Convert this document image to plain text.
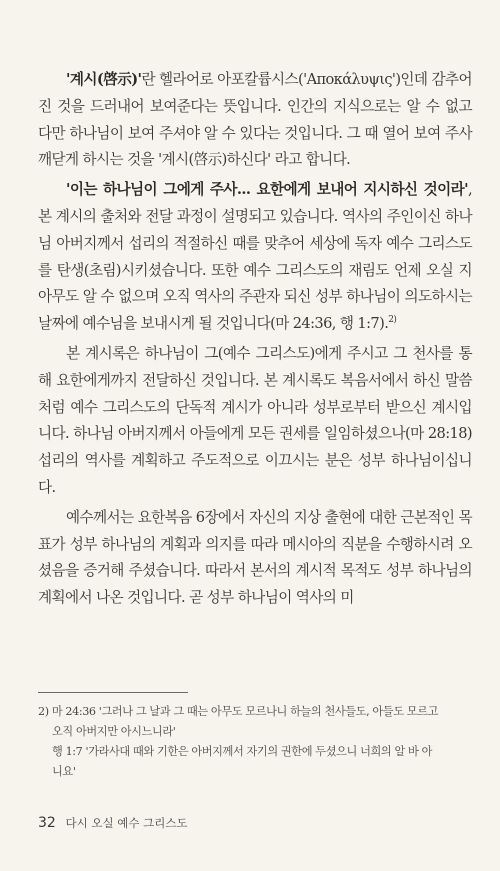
'계시(啓示)'란 헬라어로 아포칼륩시스('Αποκάλυψις')인데 감추어진 것을 드러내어 보여준다는 뜻입니다. 인간의 지식으로는 알 수 없고 다만 하나님이 보여 주셔야 알 수 있다는 것입니다. 그 때 열어 보여 주사 깨닫게 하시는 것을 '계시(啓示)하신다' 라고 합니다.

'이는 하나님이 그에게 주사... 요한에게 보내어 지시하신 것이라', 본 계시의 출처와 전달 과정이 설명되고 있습니다. 역사의 주인이신 하나님 아버지께서 섭리의 적절하신 때를 맞추어 세상에 독자 예수 그리스도를 탄생(초림)시키셨습니다. 또한 예수 그리스도의 재림도 언제 오실 지 아무도 알 수 없으며 오직 역사의 주관자 되신 성부 하나님이 의도하시는 날짜에 예수님을 보내시게 될 것입니다(마 24:36, 행 1:7).$^{2)}$

본 계시록은 하나님이 그(예수 그리스도)에게 주시고 그 천사를 통해 요한에게까지 전달하신 것입니다. 본 계시록도 복음서에서 하신 말씀처럼 예수 그리스도의 단독적 계시가 아니라 성부로부터 받으신 계시입니다. 하나님 아버지께서 아들에게 모든 권세를 일임하셨으나(마 28:18) 섭리의 역사를 계획하고 주도적으로 이끄시는 분은 성부 하나님이십니다.

예수께서는 요한복음 6장에서 자신의 지상 출현에 대한 근본적인 목표가 성부 하나님의 계획과 의지를 따라 메시아의 직분을 수행하시려 오셨음을 증거해 주셨습니다. 따라서 본서의 계시적 목적도 성부 하나님의 계획에서 나온 것입니다. 곧 성부 하나님이 역사의 미

2) 마 24:36 '그러나 그 날과 그 때는 아무도 모르나니 하늘의 천사들도, 아들도 모르고

오직 아버지만 아시느니라'

행 1:7 '가라사대 때와 기한은 아버지께서 자기의 권한에 두셨으니 너희의 알 바 아

니요'

32 다시 오실 예수 그리스도
